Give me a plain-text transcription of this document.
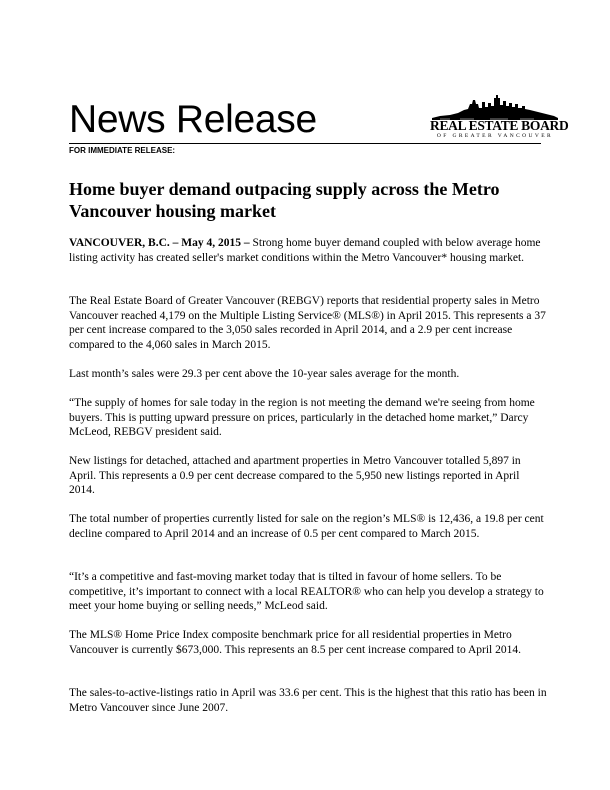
News Release
FOR IMMEDIATE RELEASE:
REAL ESTATE BOARD
OF GREATER VANCOUVER
Home buyer demand outpacing supply across the Metro
Vancouver housing market

VANCOUVER, B.C. – May 4, 2015 – Strong home buyer demand coupled with below average home listing activity has created seller's market conditions within the Metro Vancouver* housing market.

The Real Estate Board of Greater Vancouver (REBGV) reports that residential property sales in Metro Vancouver reached 4,179 on the Multiple Listing Service® (MLS®) in April 2015. This represents a 37 per cent increase compared to the 3,050 sales recorded in April 2014, and a 2.9 per cent increase compared to the 4,060 sales in March 2015.

Last month’s sales were 29.3 per cent above the 10-year sales average for the month.

“The supply of homes for sale today in the region is not meeting the demand we're seeing from home buyers. This is putting upward pressure on prices, particularly in the detached home market,” Darcy McLeod, REBGV president said.

New listings for detached, attached and apartment properties in Metro Vancouver totalled 5,897 in April. This represents a 0.9 per cent decrease compared to the 5,950 new listings reported in April 2014.

The total number of properties currently listed for sale on the region’s MLS® is 12,436, a 19.8 per cent decline compared to April 2014 and an increase of 0.5 per cent compared to March 2015.

“It’s a competitive and fast-moving market today that is tilted in favour of home sellers. To be competitive, it’s important to connect with a local REALTOR® who can help you develop a strategy to meet your home buying or selling needs,” McLeod said.

The MLS® Home Price Index composite benchmark price for all residential properties in Metro Vancouver is currently $673,000. This represents an 8.5 per cent increase compared to April 2014.

The sales-to-active-listings ratio in April was 33.6 per cent. This is the highest that this ratio has been in Metro Vancouver since June 2007.
